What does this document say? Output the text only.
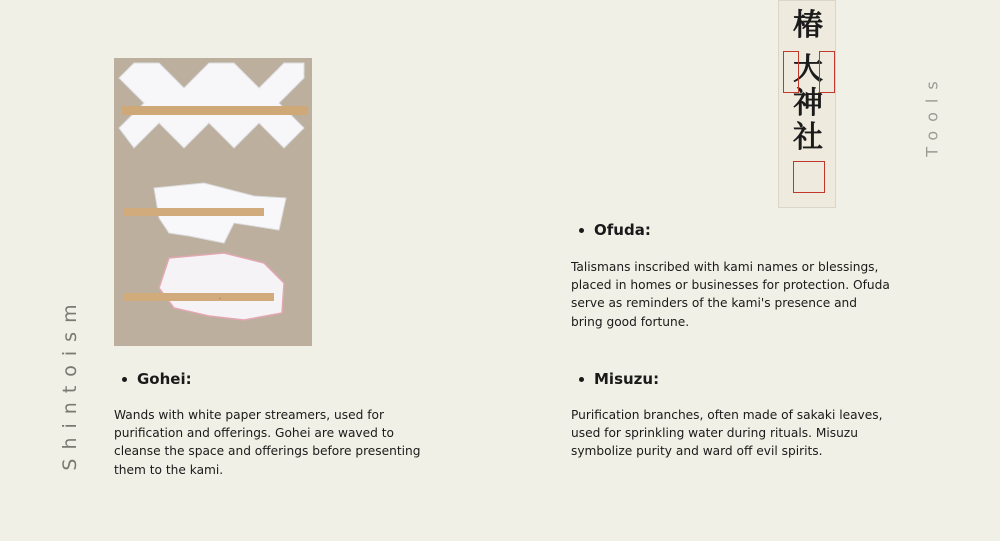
Shintoism
Tools
.
椿
大
神
社
Gohei:
Wands with white paper streamers, used for purification and offerings. Gohei are waved to cleanse the space and offerings before presenting them to the kami.
Ofuda:
Talismans inscribed with kami names or blessings, placed in homes or businesses for protection. Ofuda serve as reminders of the kami's presence and bring good fortune.
Misuzu:
Purification branches, often made of sakaki leaves, used for sprinkling water during rituals. Misuzu symbolize purity and ward off evil spirits.
